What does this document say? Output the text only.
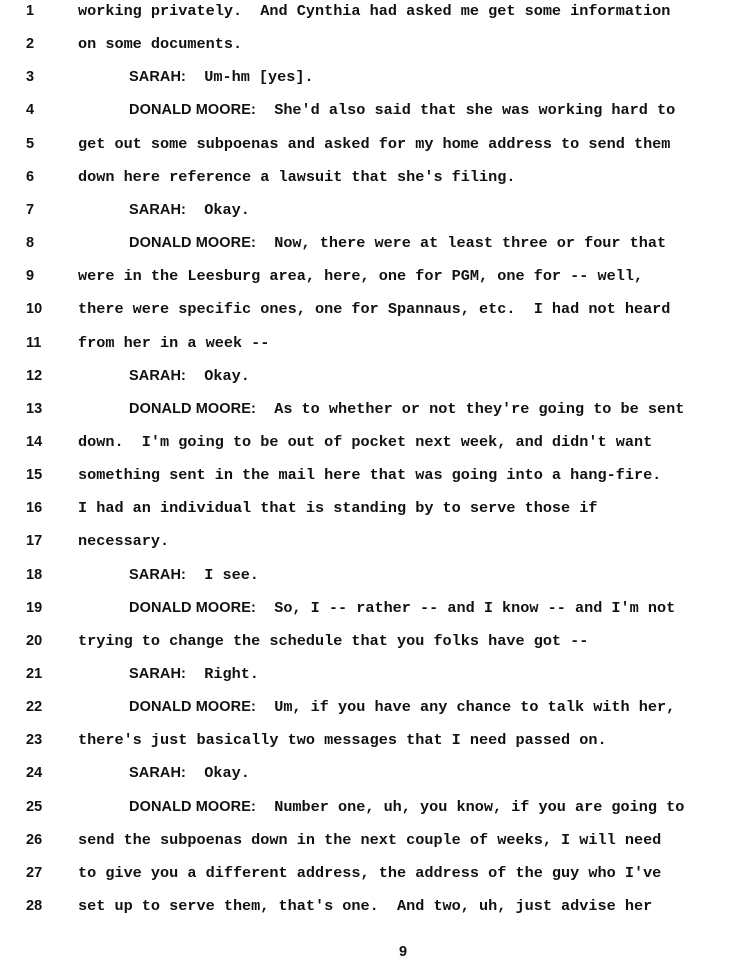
1	working privately.  And Cynthia had asked me get some information
2	on some documents.
3	SARAH: Um-hm [yes].
4	DONALD MOORE: She'd also said that she was working hard to
5	get out some subpoenas and asked for my home address to send them
6	down here reference a lawsuit that she's filing.
7	SARAH: Okay.
8	DONALD MOORE: Now, there were at least three or four that
9	were in the Leesburg area, here, one for PGM, one for -- well,
10 there were specific ones, one for Spannaus, etc.  I had not heard
11	from her in a week --
12	SARAH: Okay.
13	DONALD MOORE: As to whether or not they're going to be sent
14 down.  I'm going to be out of pocket next week, and didn't want
15 something sent in the mail here that was going into a hang-fire.
16 I had an individual that is standing by to serve those if
17 necessary.
18	SARAH: I see.
19	DONALD MOORE: So, I -- rather -- and I know -- and I'm not
20 trying to change the schedule that you folks have got --
21	SARAH: Right.
22	DONALD MOORE: Um, if you have any chance to talk with her,
23 there's just basically two messages that I need passed on.
24	SARAH: Okay.
25	DONALD MOORE: Number one, uh, you know, if you are going to
26 send the subpoenas down in the next couple of weeks, I will need
27 to give you a different address, the address of the guy who I've
28 set up to serve them, that's one.  And two, uh, just advise her
9
